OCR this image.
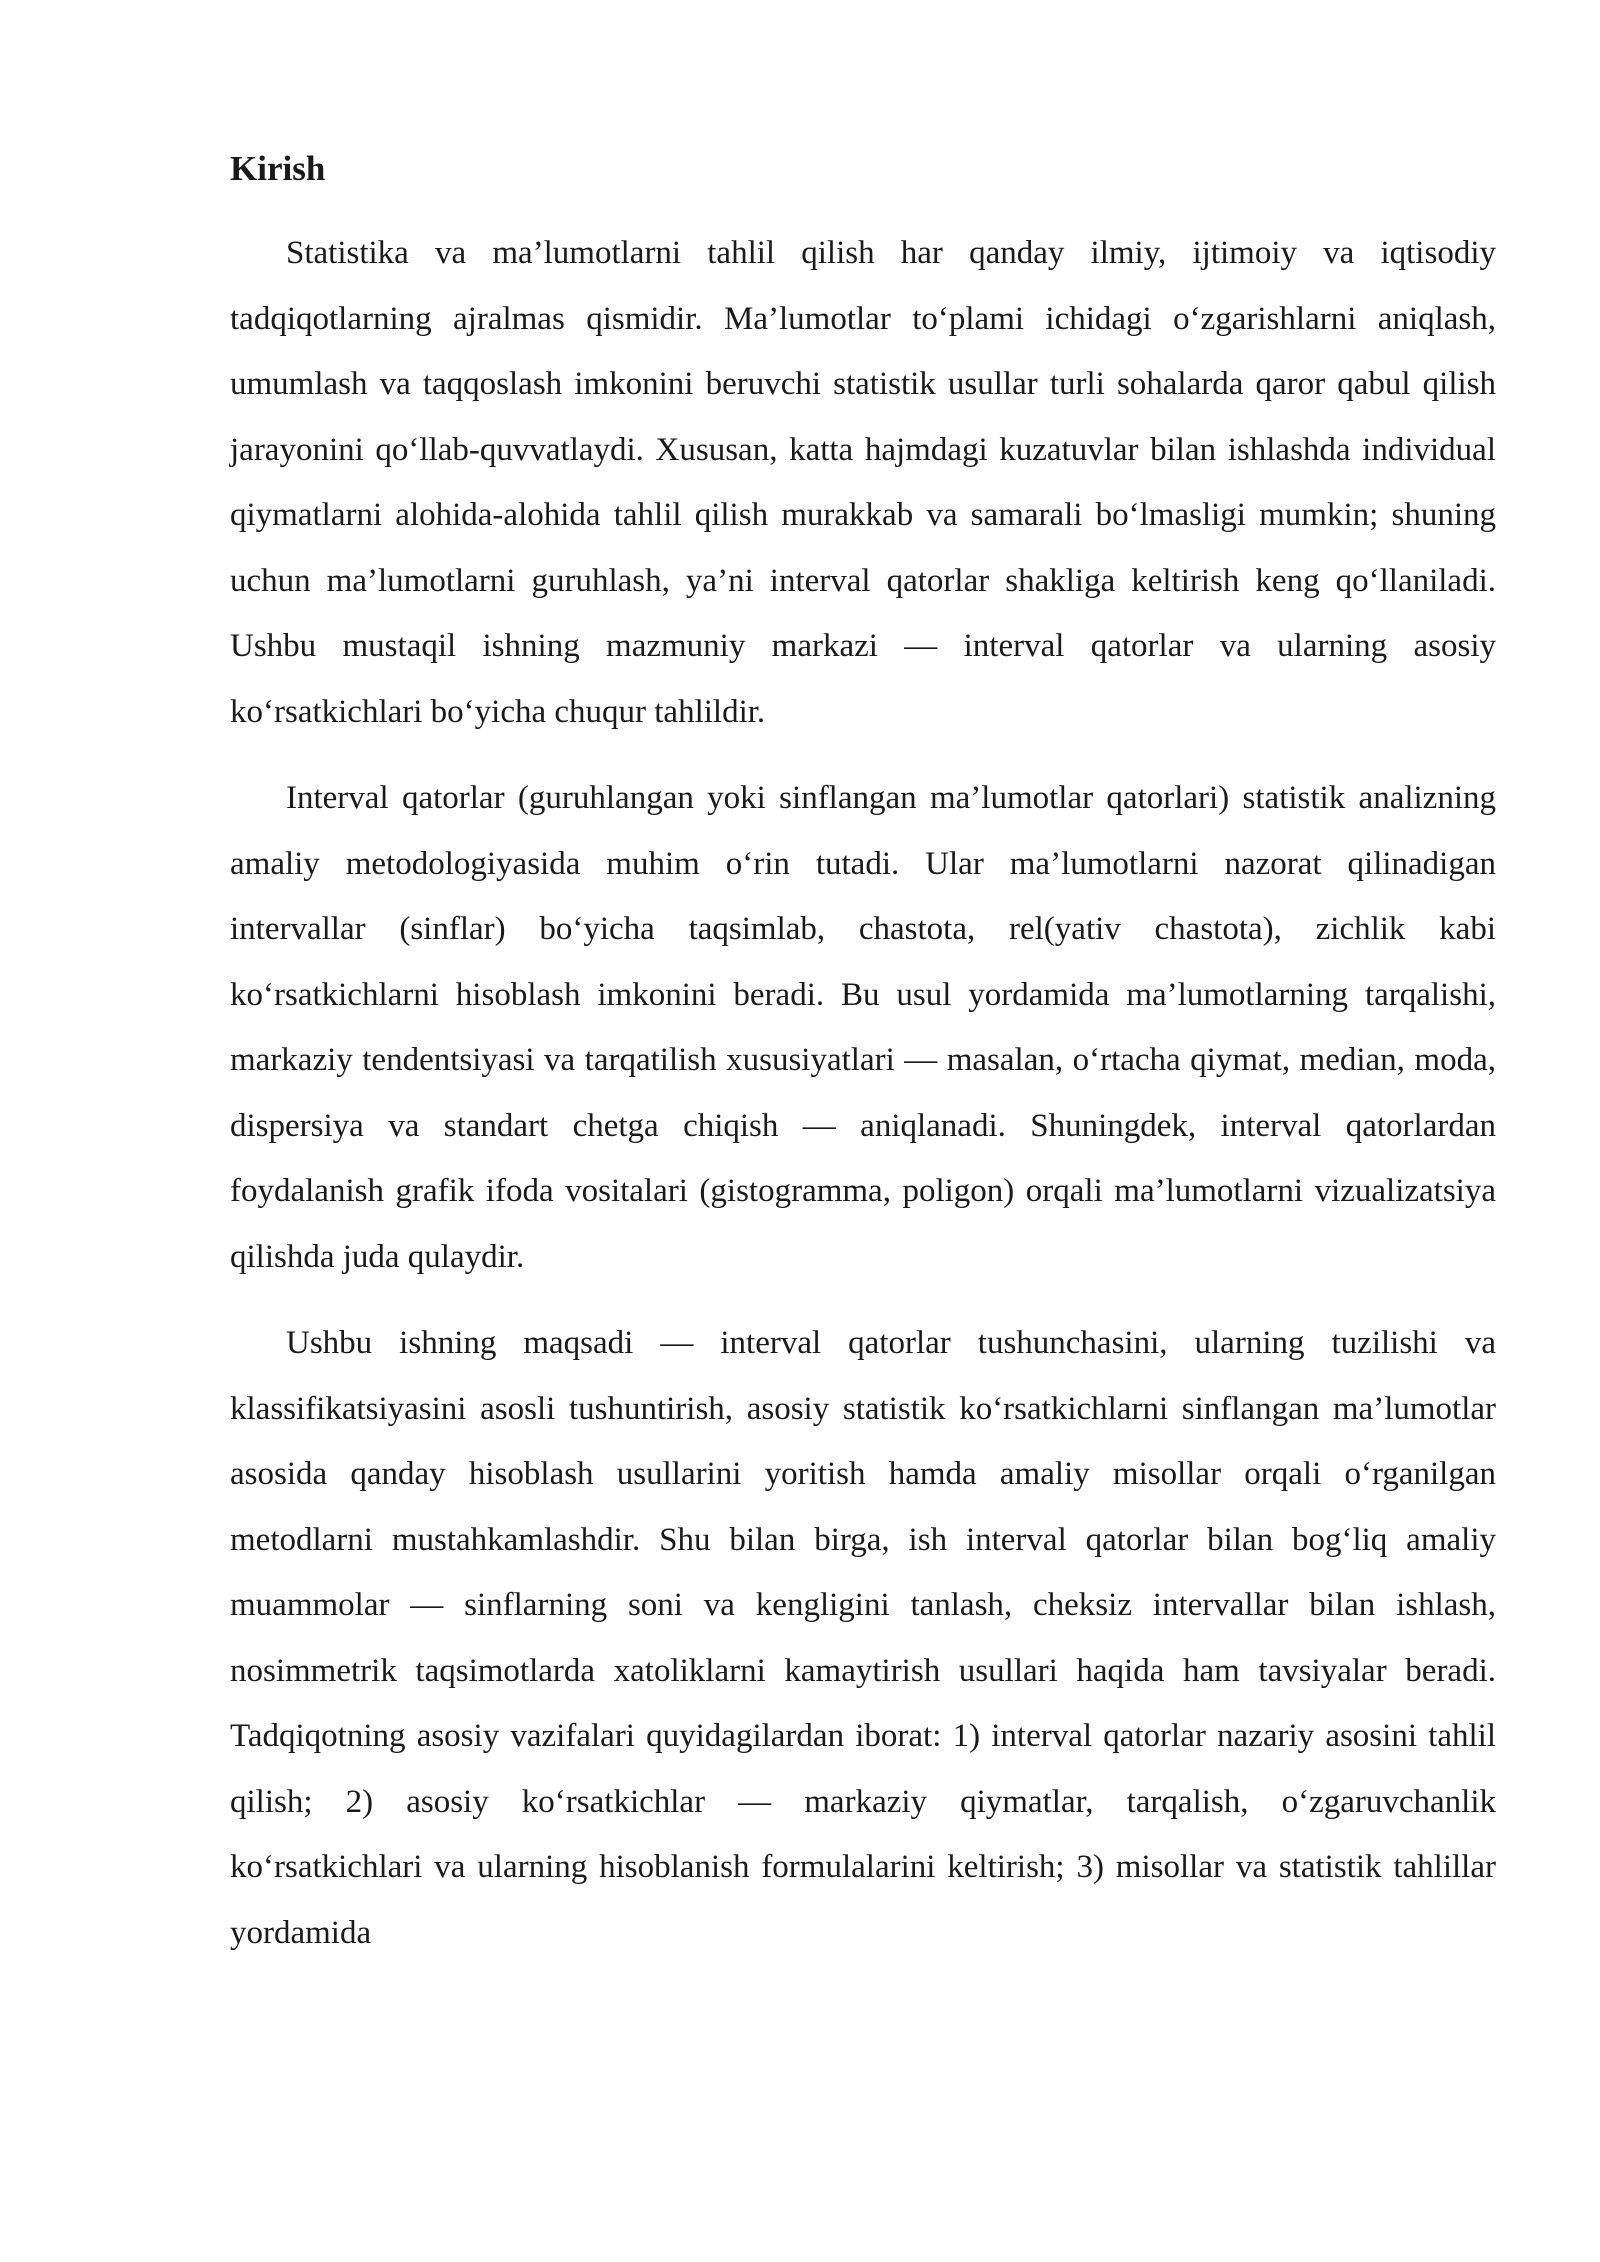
Kirish

Statistika va ma’lumotlarni tahlil qilish har qanday ilmiy, ijtimoiy va iqtisodiy tadqiqotlarning ajralmas qismidir. Ma’lumotlar to‘plami ichidagi o‘zgarishlarni aniqlash, umumlash va taqqoslash imkonini beruvchi statistik usullar turli sohalarda qaror qabul qilish jarayonini qo‘llab-quvvatlaydi. Xususan, katta hajmdagi kuzatuvlar bilan ishlashda individual qiymatlarni alohida-alohida tahlil qilish murakkab va samarali bo‘lmasligi mumkin; shuning uchun ma’lumotlarni guruhlash, ya’ni interval qatorlar shakliga keltirish keng qo‘llaniladi. Ushbu mustaqil ishning mazmuniy markazi — interval qatorlar va ularning asosiy ko‘rsatkichlari bo‘yicha chuqur tahlildir.

Interval qatorlar (guruhlangan yoki sinflangan ma’lumotlar qatorlari) statistik analizning amaliy metodologiyasida muhim o‘rin tutadi. Ular ma’lumotlarni nazorat qilinadigan intervallar (sinflar) bo‘yicha taqsimlab, chastota, rel(yativ chastota), zichlik kabi ko‘rsatkichlarni hisoblash imkonini beradi. Bu usul yordamida ma’lumotlarning tarqalishi, markaziy tendentsiyasi va tarqatilish xususiyatlari — masalan, o‘rtacha qiymat, median, moda, dispersiya va standart chetga chiqish — aniqlanadi. Shuningdek, interval qatorlardan foydalanish grafik ifoda vositalari (gistogramma, poligon) orqali ma’lumotlarni vizualizatsiya qilishda juda qulaydir.

Ushbu ishning maqsadi — interval qatorlar tushunchasini, ularning tuzilishi va klassifikatsiyasini asosli tushuntirish, asosiy statistik ko‘rsatkichlarni sinflangan ma’lumotlar asosida qanday hisoblash usullarini yoritish hamda amaliy misollar orqali o‘rganilgan metodlarni mustahkamlashdir. Shu bilan birga, ish interval qatorlar bilan bog‘liq amaliy muammolar — sinflarning soni va kengligini tanlash, cheksiz intervallar bilan ishlash, nosimmetrik taqsimotlarda xatoliklarni kamaytirish usullari haqida ham tavsiyalar beradi. Tadqiqotning asosiy vazifalari quyidagilardan iborat: 1) interval qatorlar nazariy asosini tahlil qilish; 2) asosiy ko‘rsatkichlar — markaziy qiymatlar, tarqalish, o‘zgaruvchanlik ko‘rsatkichlari va ularning hisoblanish formulalarini keltirish; 3) misollar va statistik tahlillar yordamida
